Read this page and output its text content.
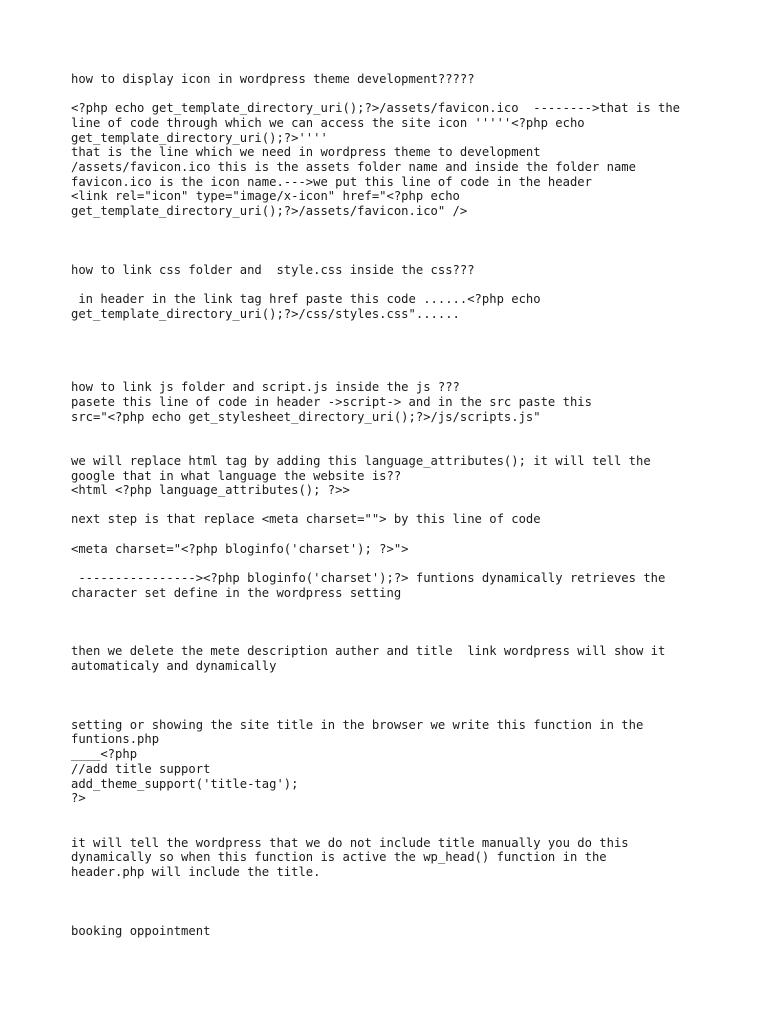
how to display icon in wordpress theme development?????

<?php echo get_template_directory_uri();?>/assets/favicon.ico  -------->that is the

line of code through which we can access the site icon '''''<?php echo

get_template_directory_uri();?>''''

that is the line which we need in wordpress theme to development

/assets/favicon.ico this is the assets folder name and inside the folder name

favicon.ico is the icon name.--->we put this line of code in the header

<link rel="icon" type="image/x-icon" href="<?php echo

get_template_directory_uri();?>/assets/favicon.ico" />

how to link css folder and  style.css inside the css???

in header in the link tag href paste this code ......<?php echo

get_template_directory_uri();?>/css/styles.css"......

how to link js folder and script.js inside the js ???

pasete this line of code in header ->script-> and in the src paste this

src="<?php echo get_stylesheet_directory_uri();?>/js/scripts.js"

we will replace html tag by adding this language_attributes(); it will tell the

google that in what language the website is??

<html <?php language_attributes(); ?>>

next step is that replace <meta charset=""> by this line of code

<meta charset="<?php bloginfo('charset'); ?>">

----------------><?php bloginfo('charset');?> funtions dynamically retrieves the

character set define in the wordpress setting

then we delete the mete description auther and title  link wordpress will show it

automaticaly and dynamically

setting or showing the site title in the browser we write this function in the

funtions.php

____<?php

//add title support

add_theme_support('title-tag');

?>

it will tell the wordpress that we do not include title manually you do this

dynamically so when this function is active the wp_head() function in the

header.php will include the title.

booking oppointment
